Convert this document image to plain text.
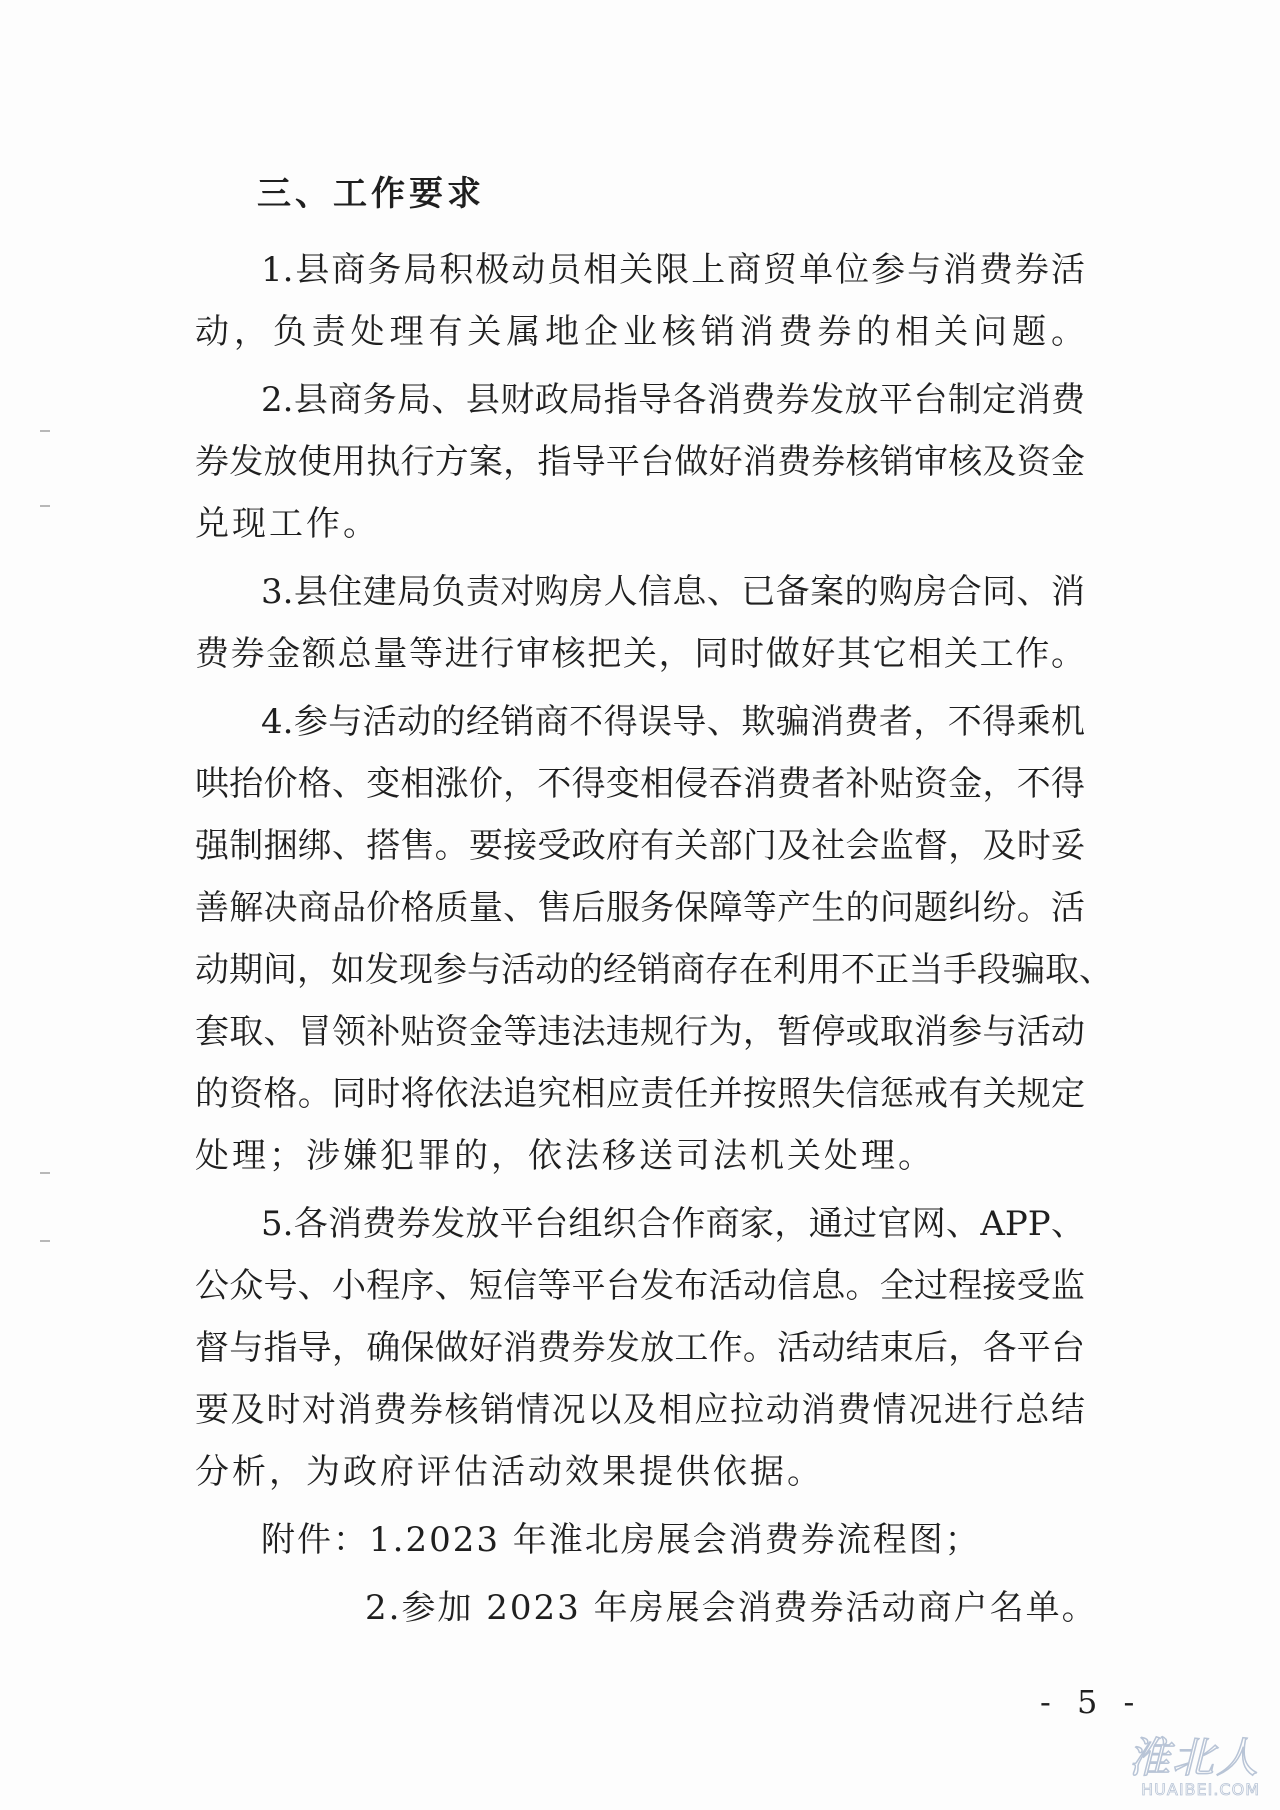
三、工作要求
1.县商务局积极动员相关限上商贸单位参与消费券活
动，负责处理有关属地企业核销消费券的相关问题。
2.县商务局、县财政局指导各消费券发放平台制定消费
券发放使用执行方案，指导平台做好消费券核销审核及资金
兑现工作。
3.县住建局负责对购房人信息、已备案的购房合同、消
费券金额总量等进行审核把关，同时做好其它相关工作。
4.参与活动的经销商不得误导、欺骗消费者，不得乘机
哄抬价格、变相涨价，不得变相侵吞消费者补贴资金，不得
强制捆绑、搭售。要接受政府有关部门及社会监督，及时妥
善解决商品价格质量、售后服务保障等产生的问题纠纷。活
动期间，如发现参与活动的经销商存在利用不正当手段骗取、
套取、冒领补贴资金等违法违规行为，暂停或取消参与活动
的资格。同时将依法追究相应责任并按照失信惩戒有关规定
处理；涉嫌犯罪的，依法移送司法机关处理。
5.各消费券发放平台组织合作商家，通过官网、APP、
公众号、小程序、短信等平台发布活动信息。全过程接受监
督与指导，确保做好消费券发放工作。活动结束后，各平台
要及时对消费券核销情况以及相应拉动消费情况进行总结
分析，为政府评估活动效果提供依据。
附件：1.2023 年淮北房展会消费券流程图；
2.参加 2023 年房展会消费券活动商户名单。
- 5 -
淮北人
HUAIBEI.COM
